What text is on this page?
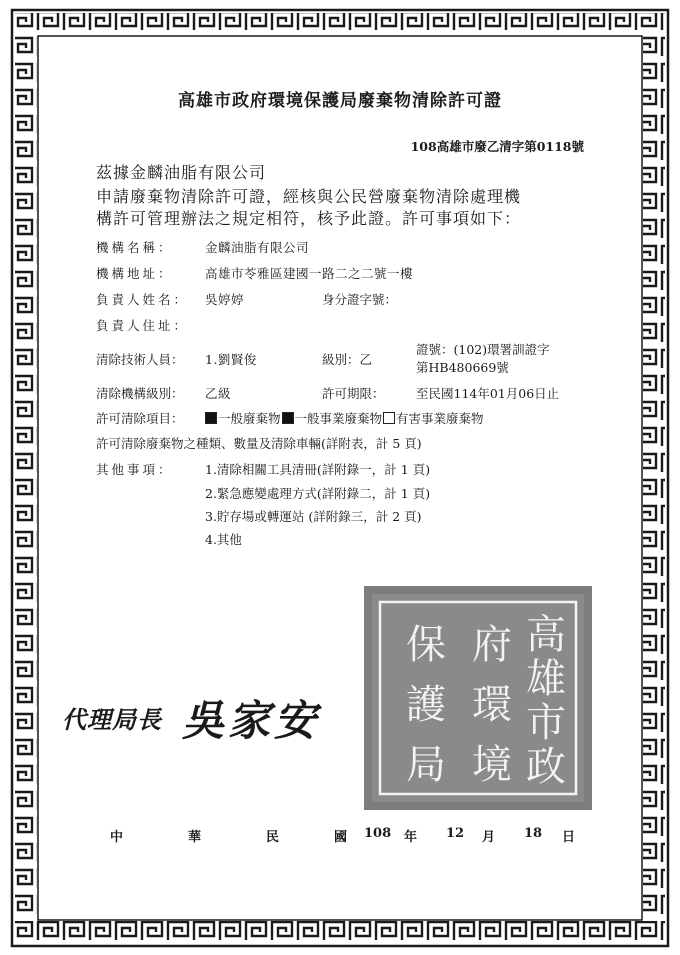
高雄市政府環境保護局廢棄物清除許可證
108高雄市廢乙清字第0118號
茲據金麟油脂有限公司
申請廢棄物清除許可證，經核與公民營廢棄物清除處理機
構許可管理辦法之規定相符，核予此證。許可事項如下：
機構名稱：	金麟油脂有限公司
機構地址：	高雄市苓雅區建國一路二之二號一樓
負責人姓名： 吳婷婷	身分證字號：
負責人住址：
清除技術人員： 1.劉賢俊	級別：乙
證號：(102)環署訓證字
第HB480669號
清除機構級別： 乙級	許可期限：	至民國114年01月06日止
許可清除項目：	一般廢棄物 一般事業廢棄物 有害事業廢棄物
許可清除廢棄物之種類、數量及清除車輛(詳附表，計 5 頁)
其他事項：	1.清除相關工具清冊(詳附錄一，計 1 頁)
2.緊急應變處理方式(詳附錄二，計 1 頁)
3.貯存場或轉運站 (詳附錄三，計 2 頁)
4.其他
高
雄
市
政
府
環
境
保
護
局
代理局長 吳家安
中	華	民	國 108 年 12 月 18 日
